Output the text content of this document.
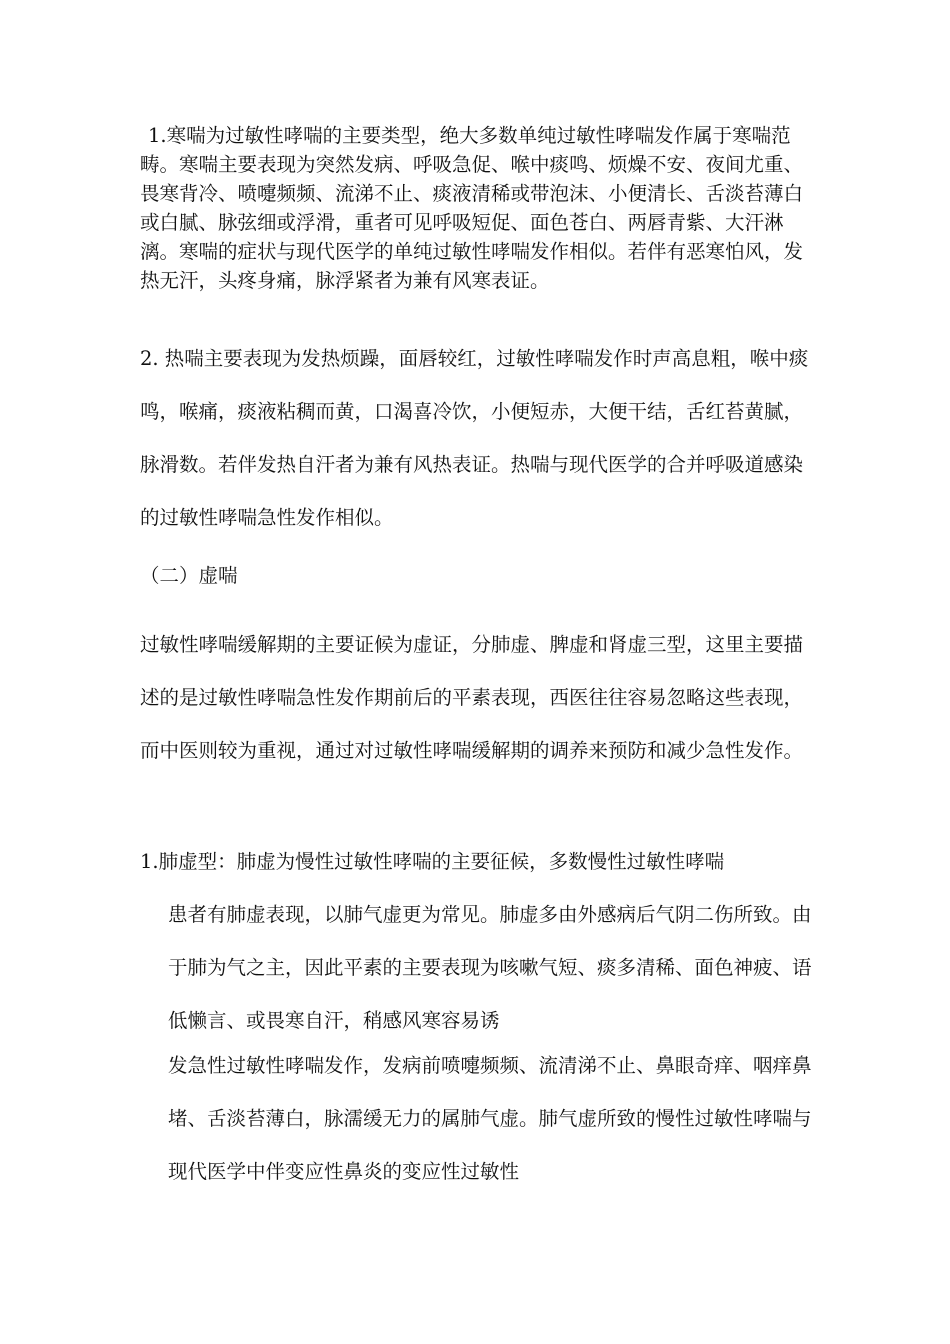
1.寒喘为过敏性哮喘的主要类型，绝大多数单纯过敏性哮喘发作属于寒喘范畴。寒喘主要表现为突然发病、呼吸急促、喉中痰鸣、烦燥不安、夜间尤重、畏寒背冷、喷嚏频频、流涕不止、痰液清稀或带泡沫、小便清长、舌淡苔薄白或白腻、脉弦细或浮滑，重者可见呼吸短促、面色苍白、两唇青紫、大汗淋漓。寒喘的症状与现代医学的单纯过敏性哮喘发作相似。若伴有恶寒怕风，发热无汗，头疼身痛，脉浮紧者为兼有风寒表证。

2. 热喘主要表现为发热烦躁，面唇较红，过敏性哮喘发作时声高息粗，喉中痰鸣，喉痛，痰液粘稠而黄，口渴喜冷饮，小便短赤，大便干结，舌红苔黄腻，脉滑数。若伴发热自汗者为兼有风热表证。热喘与现代医学的合并呼吸道感染的过敏性哮喘急性发作相似。

（二）虚喘

过敏性哮喘缓解期的主要证候为虚证，分肺虚、脾虚和肾虚三型，这里主要描述的是过敏性哮喘急性发作期前后的平素表现，西医往往容易忽略这些表现，而中医则较为重视，通过对过敏性哮喘缓解期的调养来预防和减少急性发作。

1.肺虚型：肺虚为慢性过敏性哮喘的主要征候，多数慢性过敏性哮喘

患者有肺虚表现，以肺气虚更为常见。肺虚多由外感病后气阴二伤所致。由于肺为气之主，因此平素的主要表现为咳嗽气短、痰多清稀、面色神疲、语低懒言、或畏寒自汗，稍感风寒容易诱

发急性过敏性哮喘发作，发病前喷嚏频频、流清涕不止、鼻眼奇痒、咽痒鼻堵、舌淡苔薄白，脉濡缓无力的属肺气虚。肺气虚所致的慢性过敏性哮喘与现代医学中伴变应性鼻炎的变应性过敏性
